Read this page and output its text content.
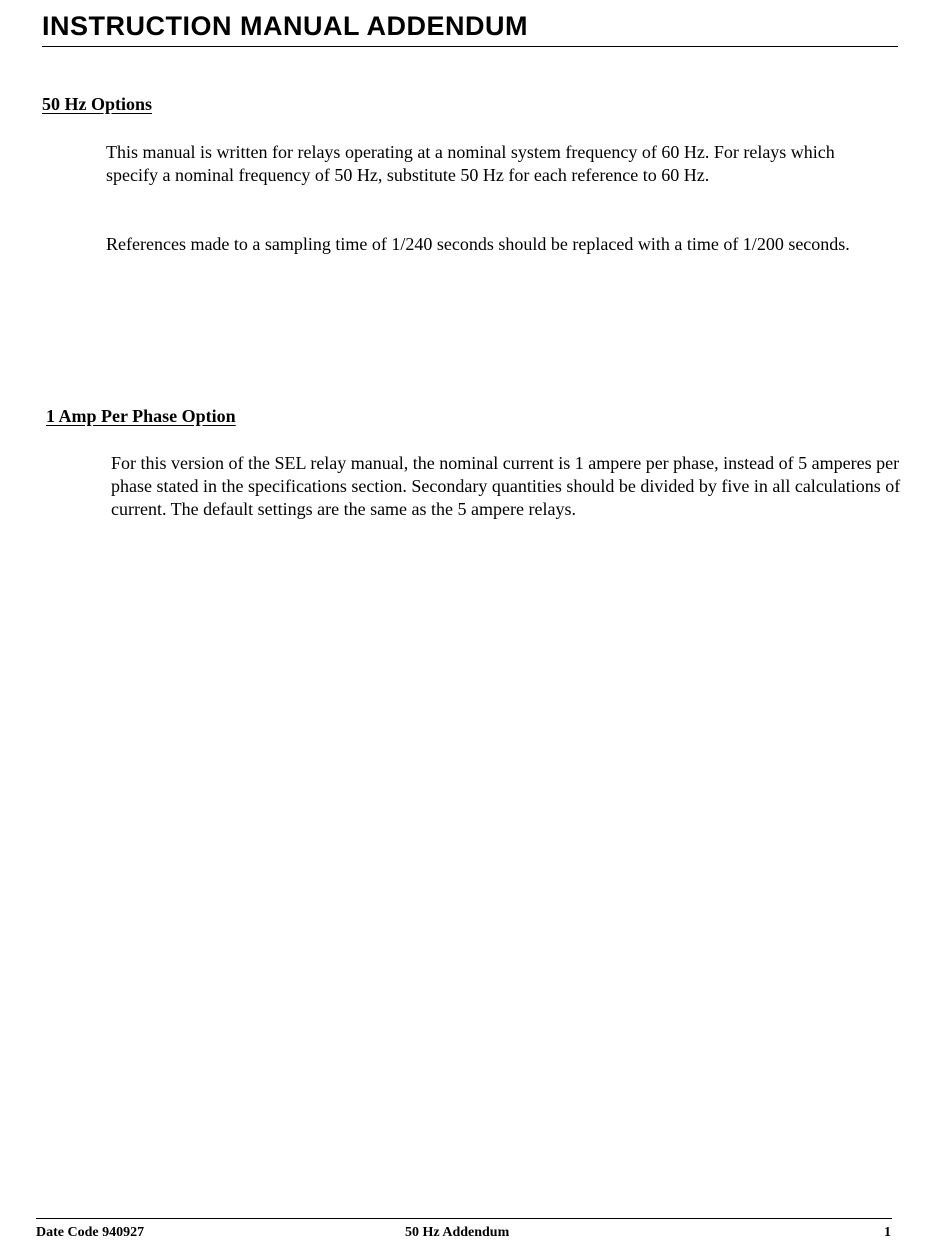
INSTRUCTION MANUAL ADDENDUM
50 Hz Options

This manual is written for relays operating at a nominal system frequency of 60 Hz. For relays which specify a nominal frequency of 50 Hz, substitute 50 Hz for each reference to 60 Hz.

References made to a sampling time of 1/240 seconds should be replaced with a time of 1/200 seconds.

1 Amp Per Phase Option

For this version of the SEL relay manual, the nominal current is 1 ampere per phase, instead of 5 amperes per phase stated in the specifications section. Secondary quantities should be divided by five in all calculations of current. The default settings are the same as the 5 ampere relays.

Date Code 940927	50 Hz Addendum	1
